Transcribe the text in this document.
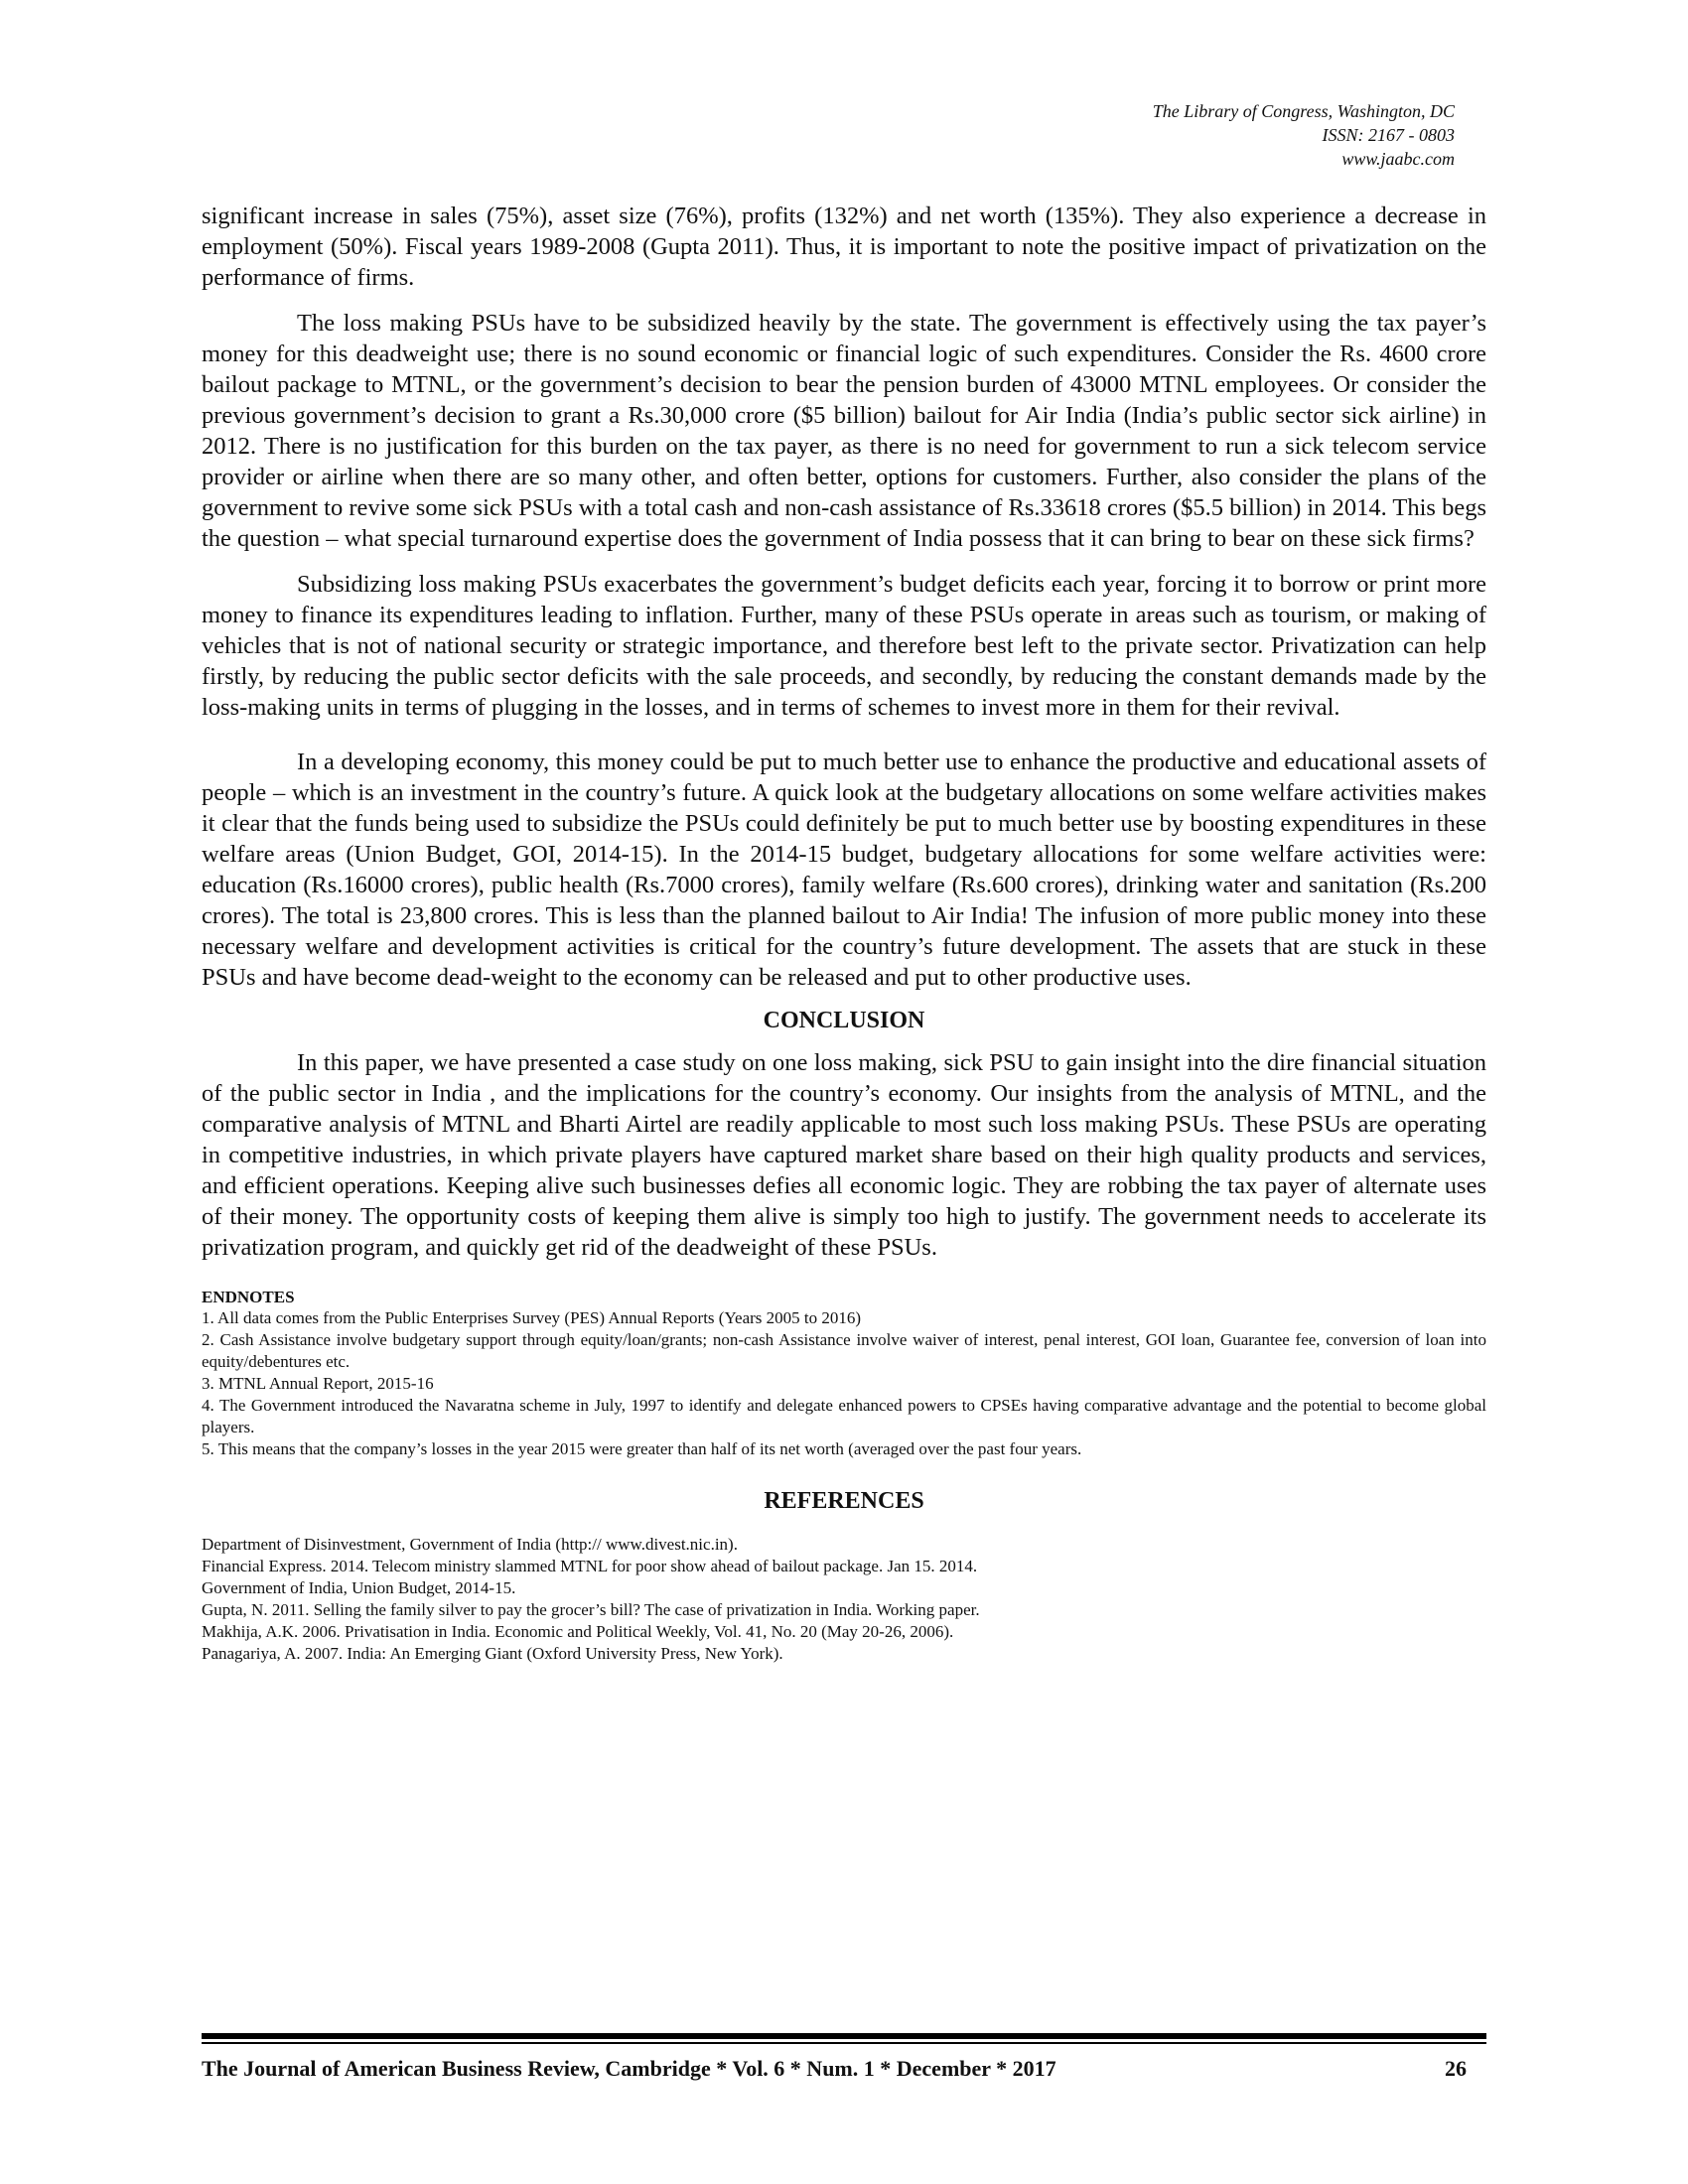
The Library of Congress, Washington, DC
ISSN: 2167 - 0803
www.jaabc.com

significant increase in sales (75%), asset size (76%), profits (132%) and net worth (135%). They also experience a decrease in employment (50%). Fiscal years 1989-2008 (Gupta 2011). Thus, it is important to note the positive impact of privatization on the performance of firms.

The loss making PSUs have to be subsidized heavily by the state. The government is effectively using the tax payer’s money for this deadweight use; there is no sound economic or financial logic of such expenditures. Consider the Rs. 4600 crore bailout package to MTNL, or the government’s decision to bear the pension burden of 43000 MTNL employees. Or consider the previous government’s decision to grant a Rs.30,000 crore ($5 billion) bailout for Air India (India’s public sector sick airline) in 2012. There is no justification for this burden on the tax payer, as there is no need for government to run a sick telecom service provider or airline when there are so many other, and often better, options for customers. Further, also consider the plans of the government to revive some sick PSUs with a total cash and non-cash assistance of Rs.33618 crores ($5.5 billion) in 2014. This begs the question – what special turnaround expertise does the government of India possess that it can bring to bear on these sick firms?

Subsidizing loss making PSUs exacerbates the government’s budget deficits each year, forcing it to borrow or print more money to finance its expenditures leading to inflation. Further, many of these PSUs operate in areas such as tourism, or making of vehicles that is not of national security or strategic importance, and therefore best left to the private sector. Privatization can help firstly, by reducing the public sector deficits with the sale proceeds, and secondly, by reducing the constant demands made by the loss-making units in terms of plugging in the losses, and in terms of schemes to invest more in them for their revival.

In a developing economy, this money could be put to much better use to enhance the productive and educational assets of people – which is an investment in the country’s future. A quick look at the budgetary allocations on some welfare activities makes it clear that the funds being used to subsidize the PSUs could definitely be put to much better use by boosting expenditures in these welfare areas (Union Budget, GOI, 2014-15). In the 2014-15 budget, budgetary allocations for some welfare activities were: education (Rs.16000 crores), public health (Rs.7000 crores), family welfare (Rs.600 crores), drinking water and sanitation (Rs.200 crores). The total is 23,800 crores. This is less than the planned bailout to Air India! The infusion of more public money into these necessary welfare and development activities is critical for the country’s future development. The assets that are stuck in these PSUs and have become dead-weight to the economy can be released and put to other productive uses.

CONCLUSION

In this paper, we have presented a case study on one loss making, sick PSU to gain insight into the dire financial situation of the public sector in India , and the implications for the country’s economy. Our insights from the analysis of MTNL, and the comparative analysis of MTNL and Bharti Airtel are readily applicable to most such loss making PSUs. These PSUs are operating in competitive industries, in which private players have captured market share based on their high quality products and services, and efficient operations. Keeping alive such businesses defies all economic logic. They are robbing the tax payer of alternate uses of their money. The opportunity costs of keeping them alive is simply too high to justify. The government needs to accelerate its privatization program, and quickly get rid of the deadweight of these PSUs.

ENDNOTES

1. All data comes from the Public Enterprises Survey (PES) Annual Reports (Years 2005 to 2016)

2. Cash Assistance involve budgetary support through equity/loan/grants; non-cash Assistance involve waiver of interest, penal interest, GOI loan, Guarantee fee, conversion of loan into equity/debentures etc.

3. MTNL Annual Report, 2015-16

4. The Government introduced the Navaratna scheme in July, 1997 to identify and delegate enhanced powers to CPSEs having comparative advantage and the potential to become global players.

5. This means that the company’s losses in the year 2015 were greater than half of its net worth (averaged over the past four years.

REFERENCES

Department of Disinvestment, Government of India (http:// www.divest.nic.in).

Financial Express. 2014. Telecom ministry slammed MTNL for poor show ahead of bailout package. Jan 15. 2014.

Government of India, Union Budget, 2014-15.

Gupta, N. 2011. Selling the family silver to pay the grocer’s bill? The case of privatization in India. Working paper.

Makhija, A.K. 2006. Privatisation in India. Economic and Political Weekly, Vol. 41, No. 20 (May 20-26, 2006).

Panagariya, A. 2007. India: An Emerging Giant (Oxford University Press, New York).

The Journal of American Business Review, Cambridge * Vol. 6 * Num. 1 * December * 2017	26
